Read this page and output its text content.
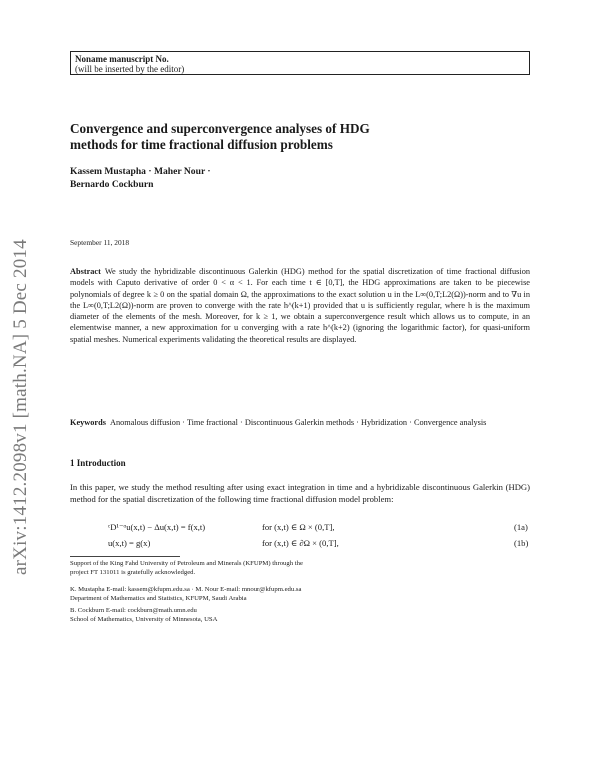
arXiv:1412.2098v1 [math.NA] 5 Dec 2014
Noname manuscript No.
(will be inserted by the editor)
Convergence and superconvergence analyses of HDG
methods for time fractional diffusion problems
Kassem Mustapha · Maher Nour ·
Bernardo Cockburn
September 11, 2018
Abstract We study the hybridizable discontinuous Galerkin (HDG) method for the spatial discretization of time fractional diffusion models with Caputo derivative of order 0 < α < 1. For each time t ∈ [0,T], the HDG approximations are taken to be piecewise polynomials of degree k ≥ 0 on the spatial domain Ω, the approximations to the exact solution u in the L∞(0,T;L2(Ω))-norm and to ∇u in the L∞(0,T;L2(Ω))-norm are proven to converge with the rate h^(k+1) provided that u is sufficiently regular, where h is the maximum diameter of the elements of the mesh. Moreover, for k ≥ 1, we obtain a superconvergence result which allows us to compute, in an elementwise manner, a new approximation for u converging with a rate h^(k+2) (ignoring the logarithmic factor), for quasi-uniform spatial meshes. Numerical experiments validating the theoretical results are displayed.
Keywords Anomalous diffusion · Time fractional · Discontinuous Galerkin methods · Hybridization · Convergence analysis
1 Introduction
In this paper, we study the method resulting after using exact integration in time and a hybridizable discontinuous Galerkin (HDG) method for the spatial discretization of the following time fractional diffusion model problem:
ᶜD¹⁻ᵅu(x,t) − Δu(x,t) = f(x,t)	for (x,t) ∈ Ω × (0,T],	(1a)
u(x,t) = g(x)	for (x,t) ∈ ∂Ω × (0,T],	(1b)
Support of the King Fahd University of Petroleum and Minerals (KFUPM) through the
project FT 131011 is gratefully acknowledged.
K. Mustapha E-mail: kassem@kfupm.edu.sa · M. Nour E-mail: mnour@kfupm.edu.sa
Department of Mathematics and Statistics, KFUPM, Saudi Arabia
B. Cockburn E-mail: cockburn@math.umn.edu
School of Mathematics, University of Minnesota, USA
